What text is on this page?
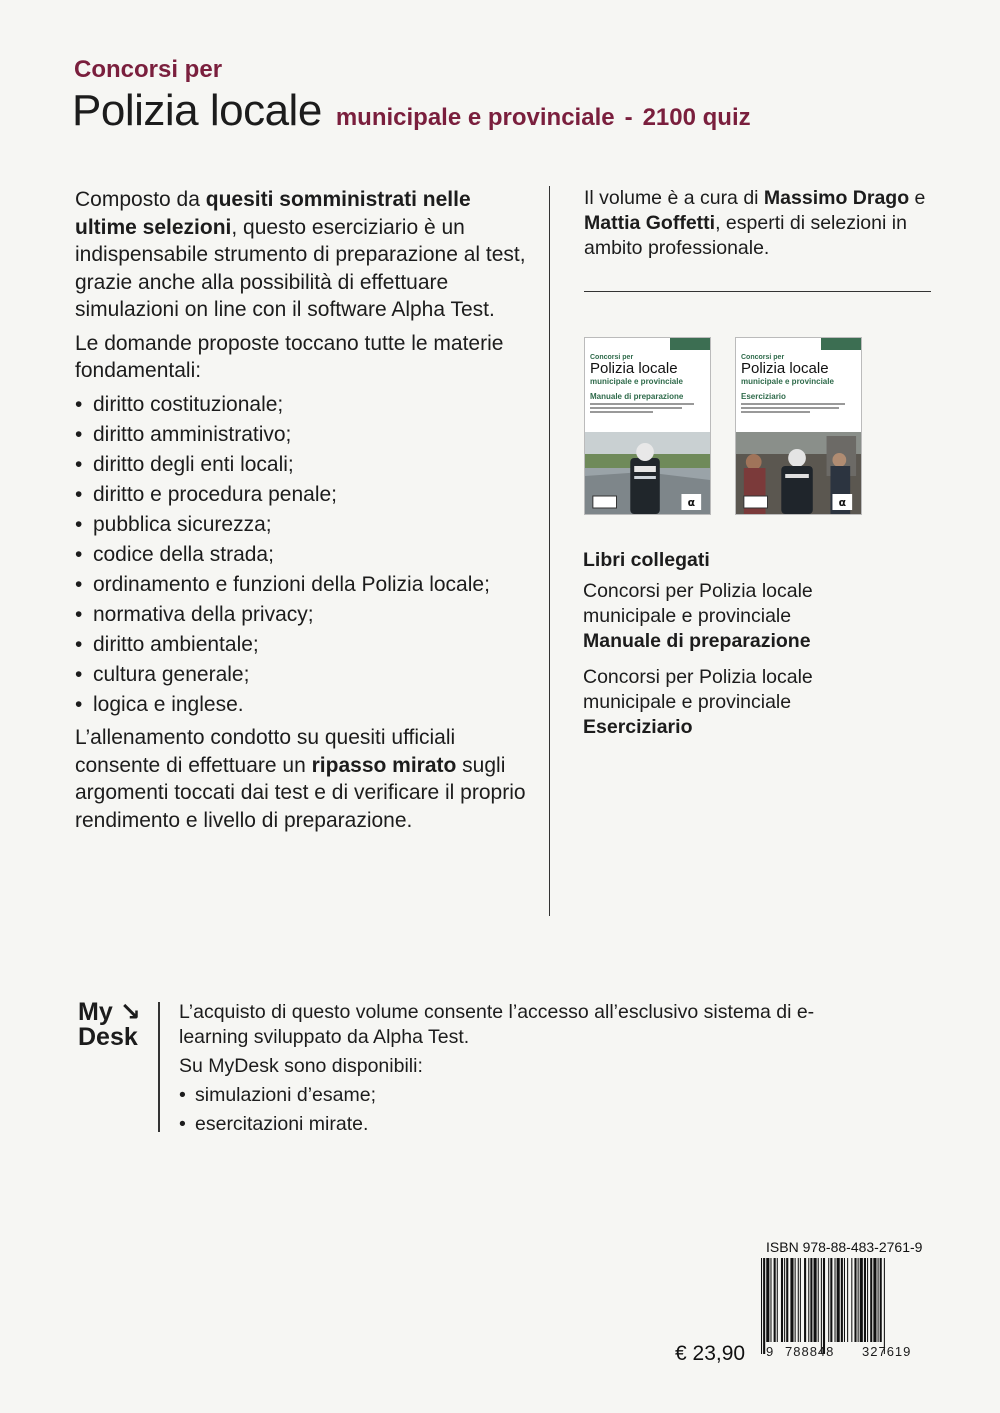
Concorsi per
Polizia locale municipale e provinciale - 2100 quiz

Composto da quesiti somministrati nelle ultime selezioni, questo eserciziario è un indispensabile strumento di preparazione al test, grazie anche alla possibilità di effettuare simulazioni on line con il software Alpha Test.

Le domande proposte toccano tutte le materie fondamentali:

• diritto costituzionale;
• diritto amministrativo;
• diritto degli enti locali;
• diritto e procedura penale;
• pubblica sicurezza;
• codice della strada;
• ordinamento e funzioni della Polizia locale;
• normativa della privacy;
• diritto ambientale;
• cultura generale;
• logica e inglese.

L’allenamento condotto su quesiti ufficiali consente di effettuare un ripasso mirato sugli argomenti toccati dai test e di verificare il proprio rendimento e livello di preparazione.

Il volume è a cura di Massimo Drago e Mattia Goffetti, esperti di selezioni in ambito professionale.

Concorsi per
Polizia locale
municipale e provinciale
Manuale di preparazione
α
Concorsi per
Polizia locale
municipale e provinciale
Eserciziario
α
Libri collegati
Concorsi per Polizia locale
municipale e provinciale
Manuale di preparazione
Concorsi per Polizia locale
municipale e provinciale
Eserciziario
My ↘
Desk
L’acquisto di questo volume consente l’accesso all’esclusivo sistema di e-learning sviluppato da Alpha Test.
Su MyDesk sono disponibili:
• simulazioni d’esame;
• esercitazioni mirate.
ISBN 978-88-483-2761-9
€ 23,90 9 788848 327619
